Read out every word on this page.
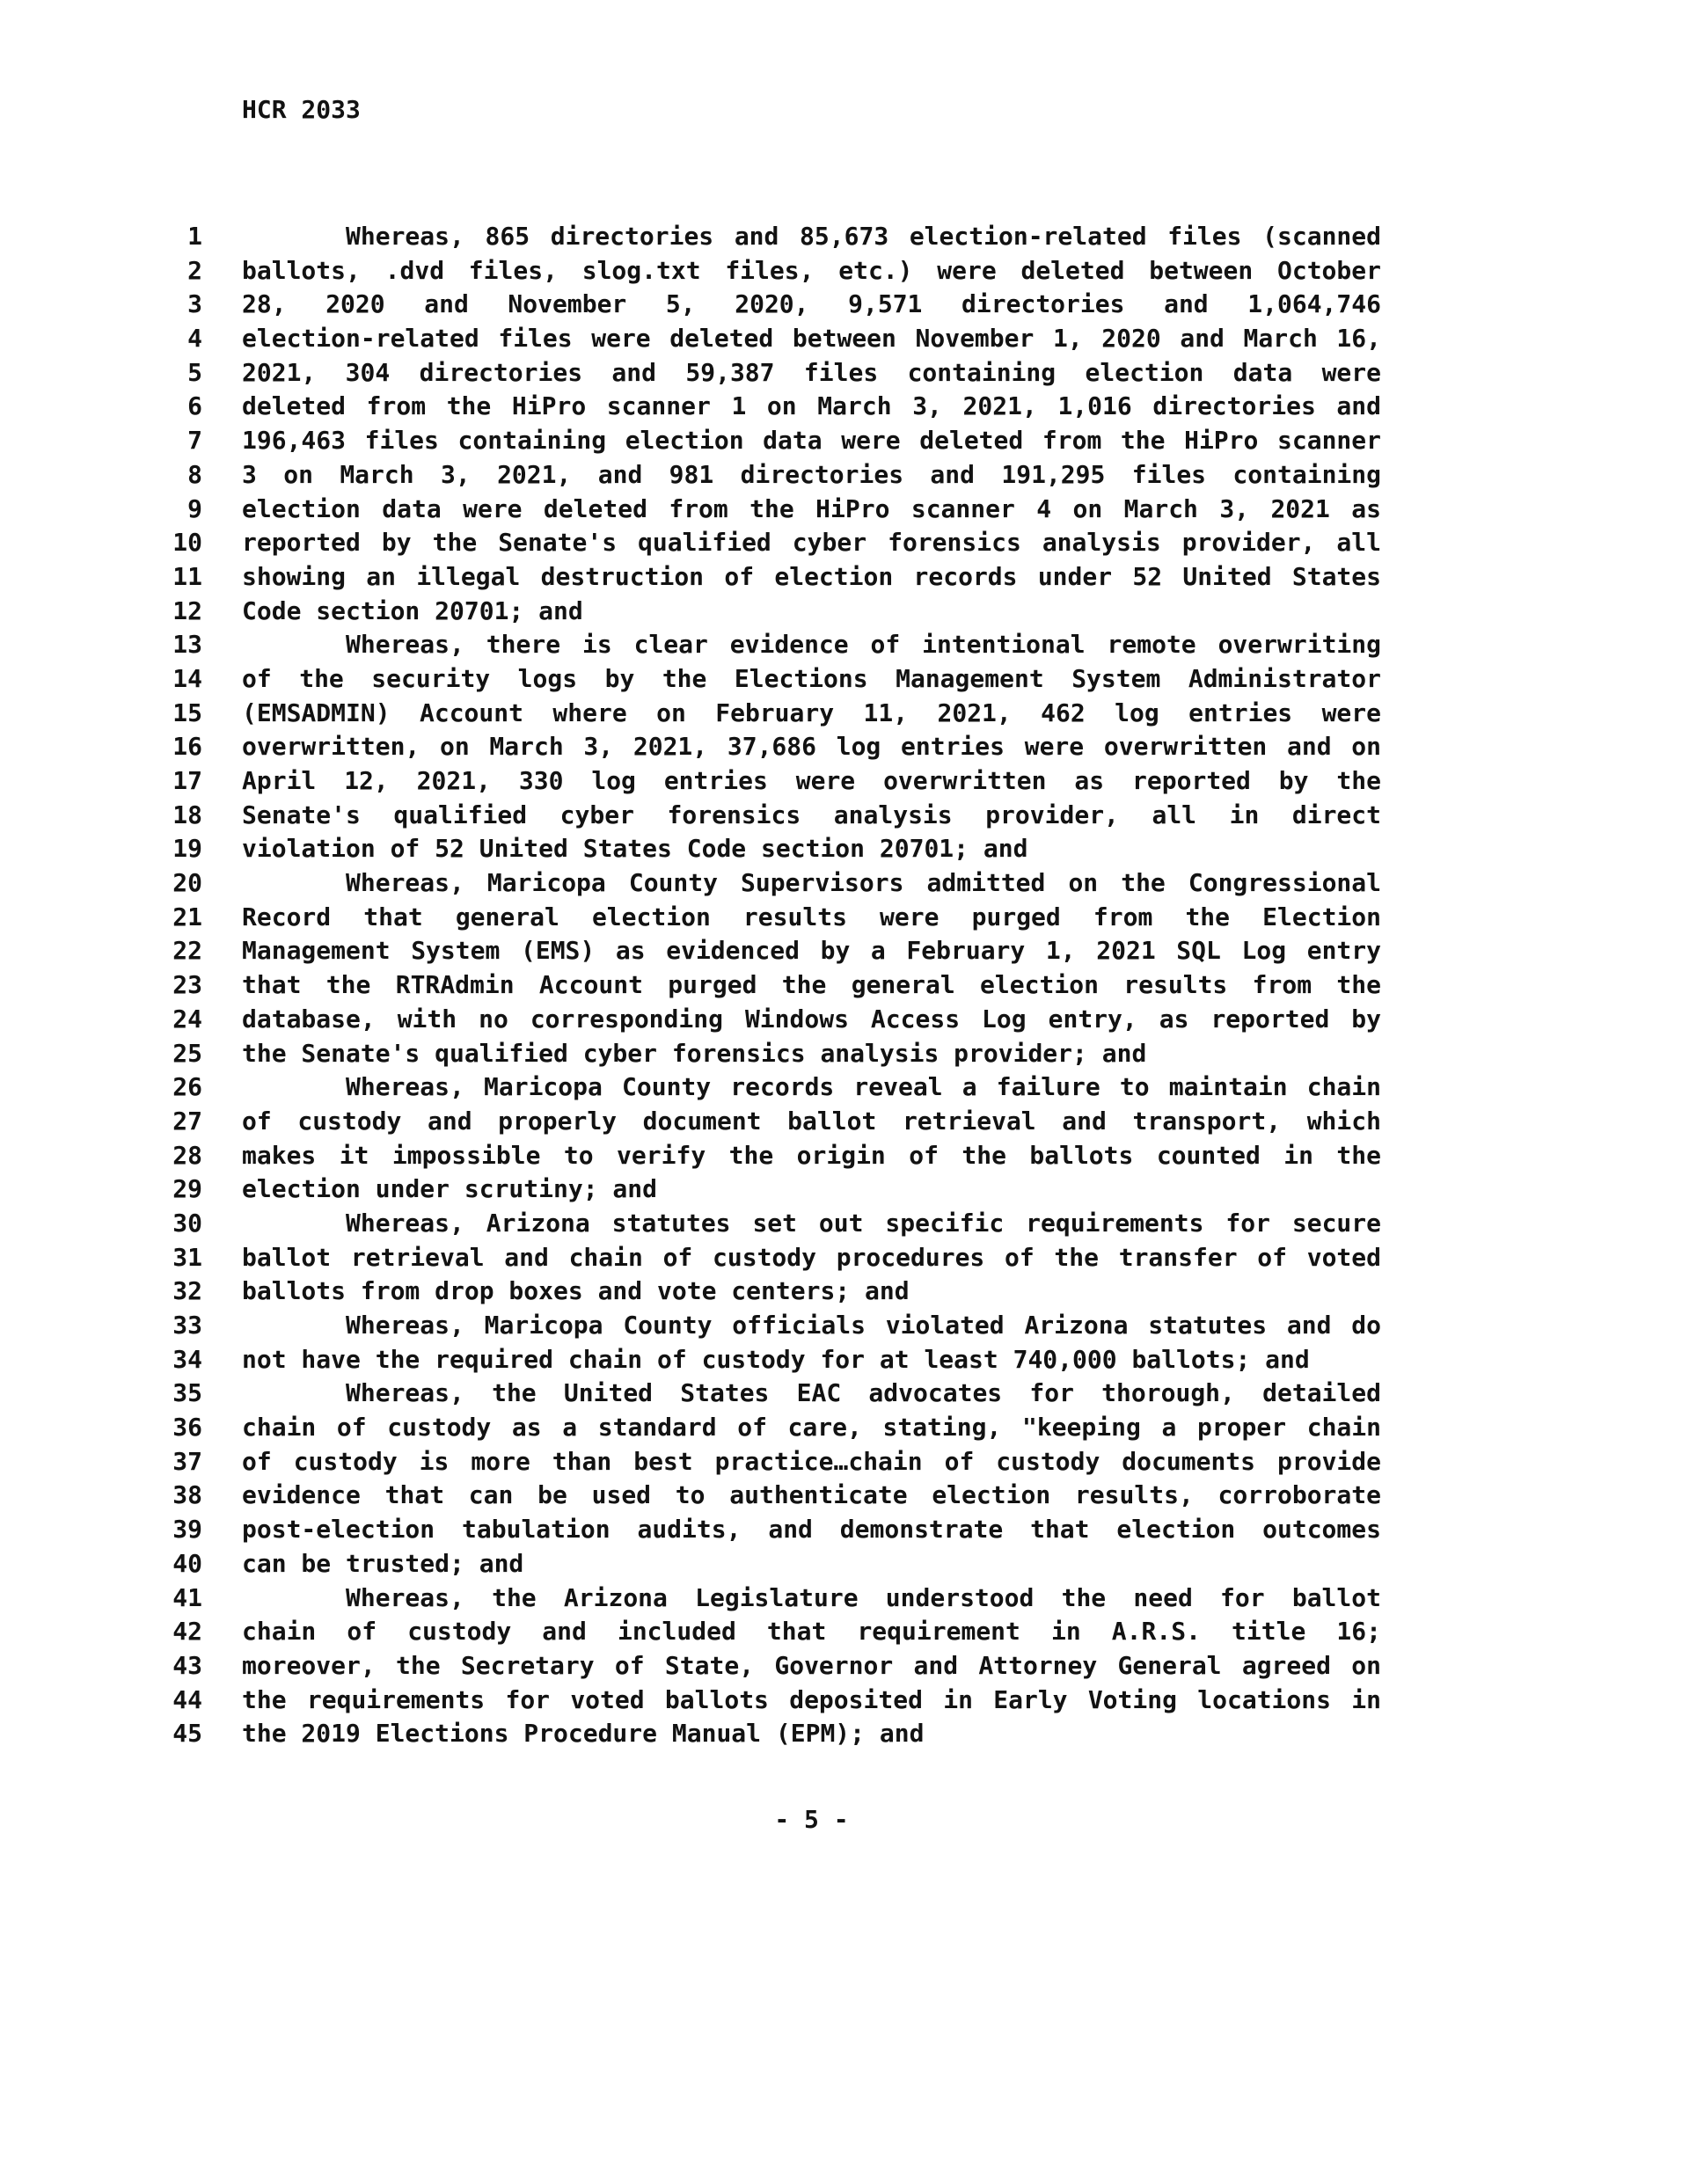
HCR 2033
1	Whereas, 865 directories and 85,673 election-related files (scanned
2 ballots, .dvd files, slog.txt files, etc.) were deleted between October
3 28, 2020 and November 5, 2020, 9,571 directories and 1,064,746
4 election-related files were deleted between November 1, 2020 and March 16,
5 2021, 304 directories and 59,387 files containing election data were
6 deleted from the HiPro scanner 1 on March 3, 2021, 1,016 directories and
7 196,463 files containing election data were deleted from the HiPro scanner
8 3 on March 3, 2021, and 981 directories and 191,295 files containing
9 election data were deleted from the HiPro scanner 4 on March 3, 2021 as
10 reported by the Senate's qualified cyber forensics analysis provider, all
11 showing an illegal destruction of election records under 52 United States
12 Code section 20701; and
13	Whereas, there is clear evidence of intentional remote overwriting
14 of the security logs by the Elections Management System Administrator
15 (EMSADMIN) Account where on February 11, 2021, 462 log entries were
16 overwritten, on March 3, 2021, 37,686 log entries were overwritten and on
17 April 12, 2021, 330 log entries were overwritten as reported by the
18 Senate's qualified cyber forensics analysis provider, all in direct
19 violation of 52 United States Code section 20701; and
20	Whereas, Maricopa County Supervisors admitted on the Congressional
21 Record that general election results were purged from the Election
22 Management System (EMS) as evidenced by a February 1, 2021 SQL Log entry
23 that the RTRAdmin Account purged the general election results from the
24 database, with no corresponding Windows Access Log entry, as reported by
25 the Senate's qualified cyber forensics analysis provider; and
26	Whereas, Maricopa County records reveal a failure to maintain chain
27 of custody and properly document ballot retrieval and transport, which
28 makes it impossible to verify the origin of the ballots counted in the
29 election under scrutiny; and
30	Whereas, Arizona statutes set out specific requirements for secure
31 ballot retrieval and chain of custody procedures of the transfer of voted
32 ballots from drop boxes and vote centers; and
33	Whereas, Maricopa County officials violated Arizona statutes and do
34 not have the required chain of custody for at least 740,000 ballots; and
35	Whereas, the United States EAC advocates for thorough, detailed
36 chain of custody as a standard of care, stating, "keeping a proper chain
37 of custody is more than best practice…chain of custody documents provide
38 evidence that can be used to authenticate election results, corroborate
39 post-election tabulation audits, and demonstrate that election outcomes
40 can be trusted; and
41	Whereas, the Arizona Legislature understood the need for ballot
42 chain of custody and included that requirement in A.R.S. title 16;
43 moreover, the Secretary of State, Governor and Attorney General agreed on
44 the requirements for voted ballots deposited in Early Voting locations in
45 the 2019 Elections Procedure Manual (EPM); and
- 5 -
